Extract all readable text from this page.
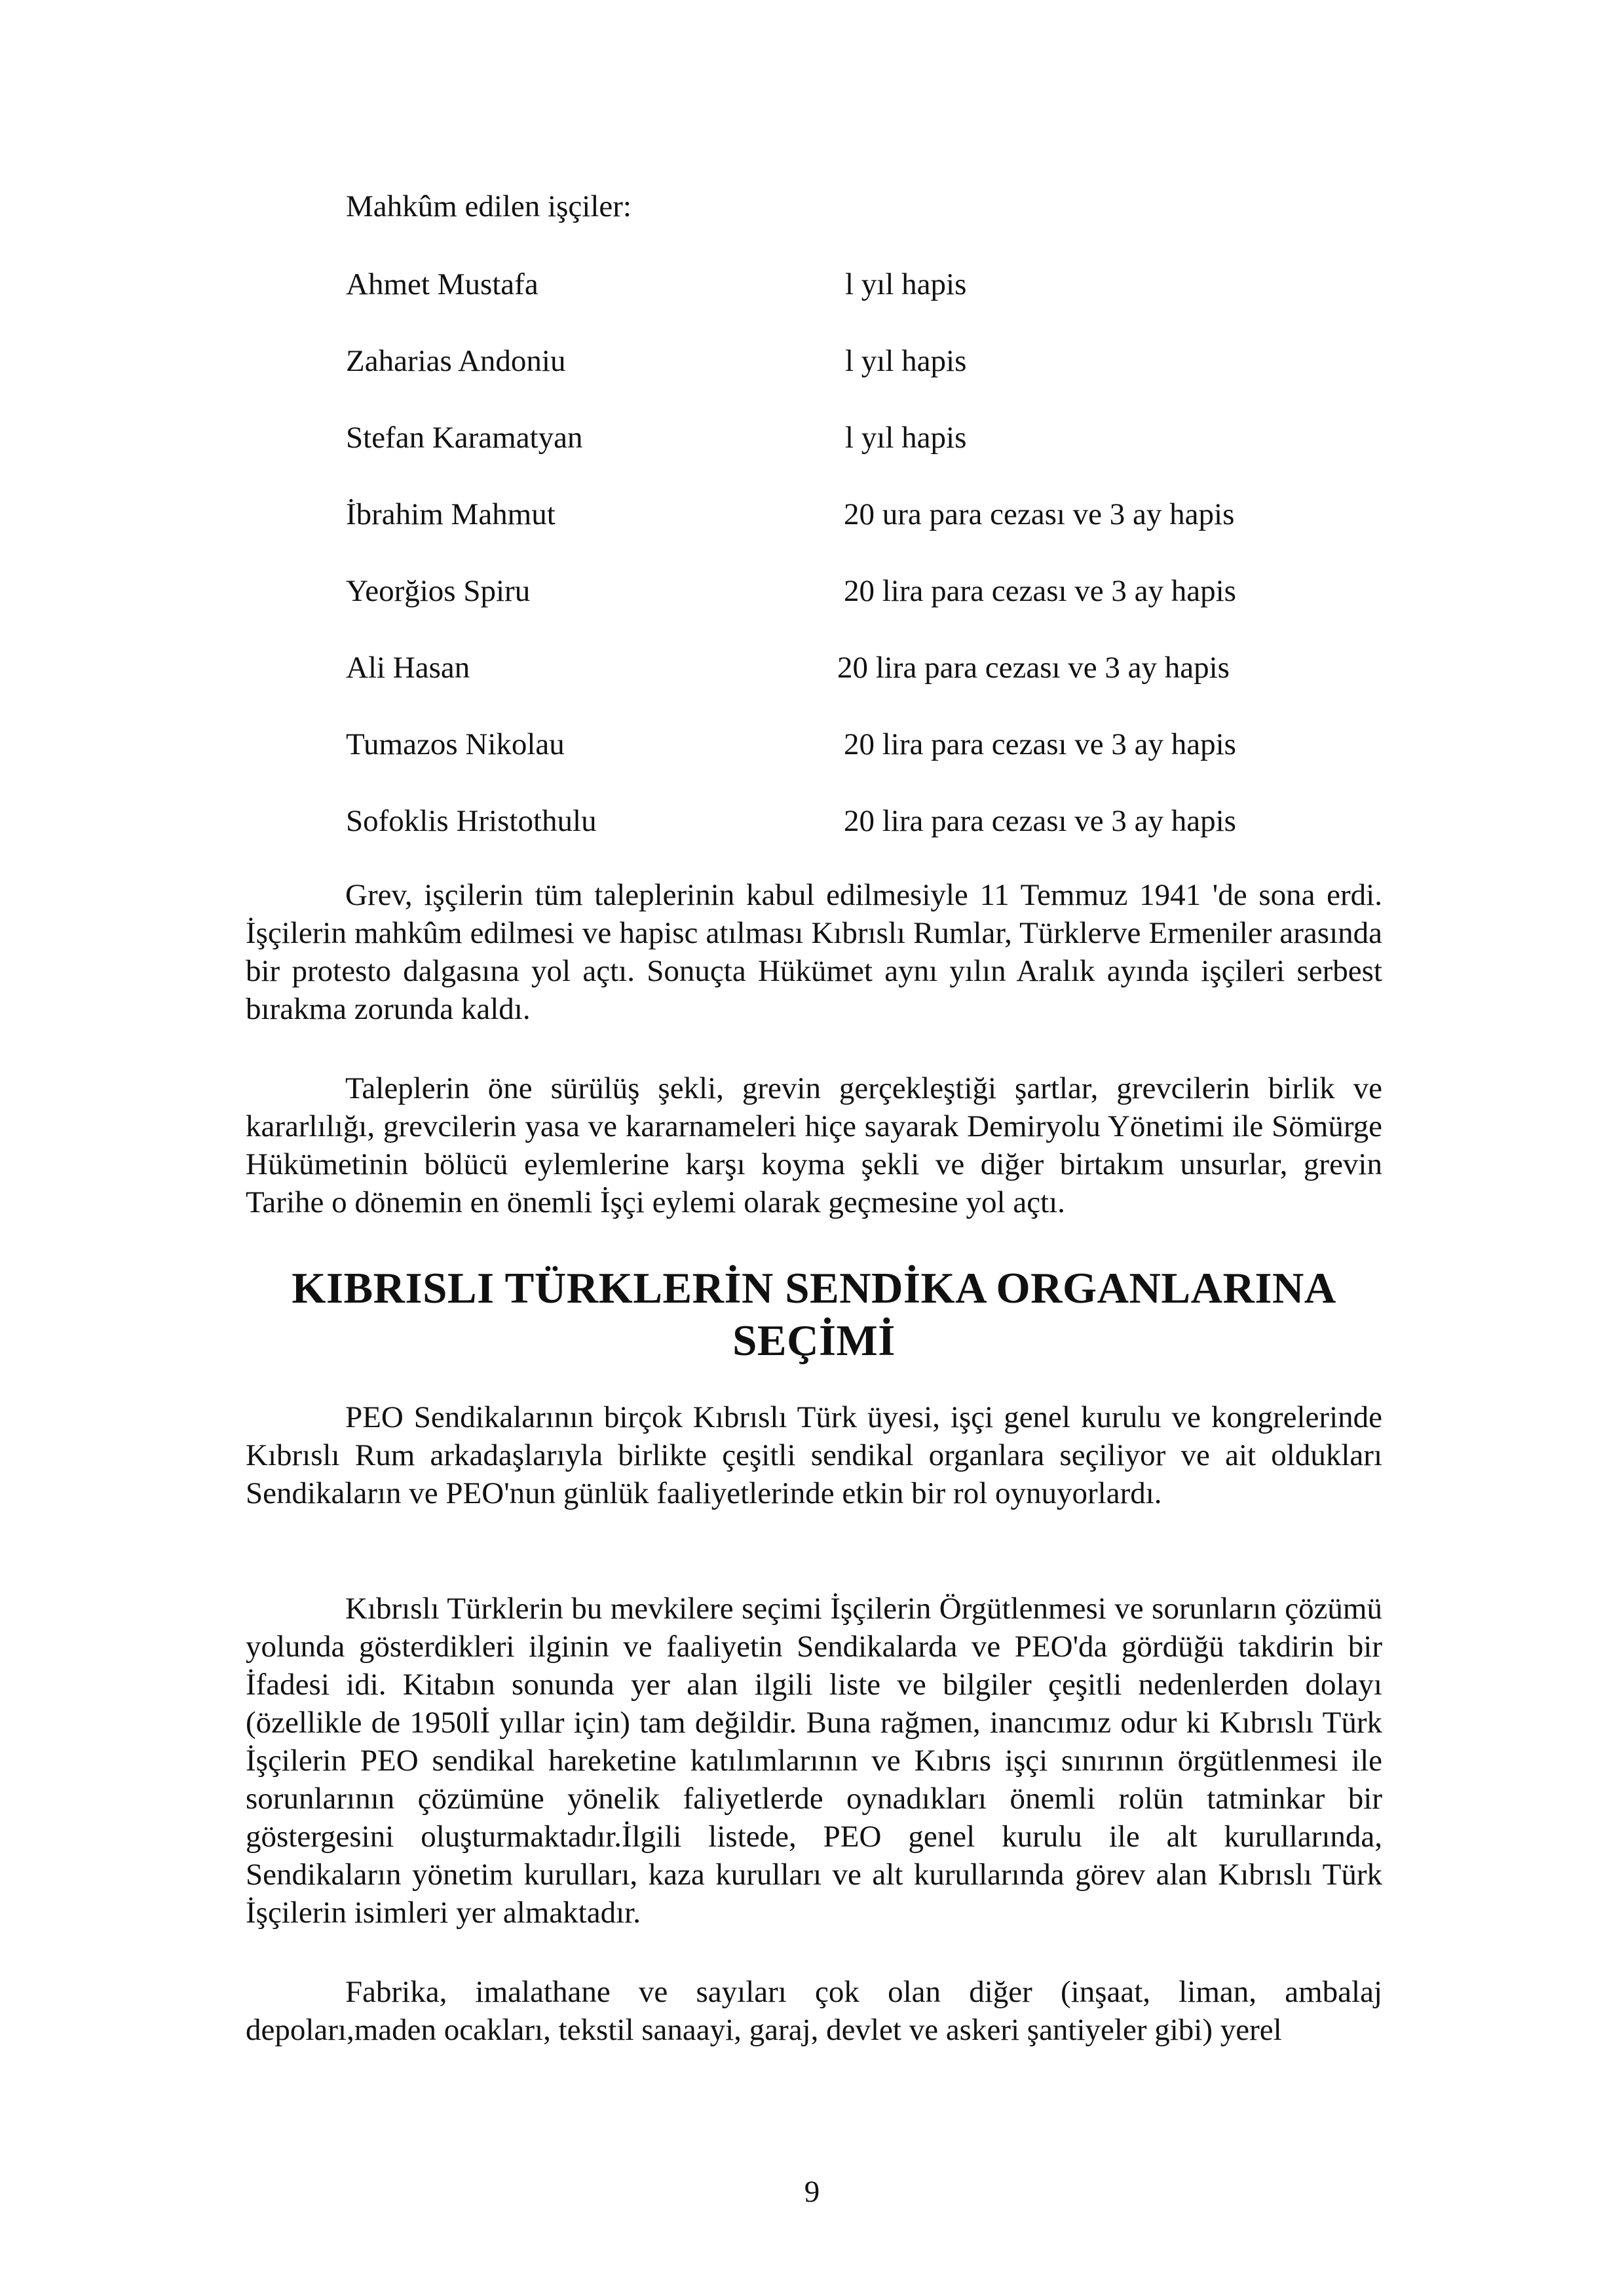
Mahkûm edilen işçiler:

Ahmet Mustafa	l yıl hapis
Zaharias Andoniu	l yıl hapis
Stefan Karamatyan	l yıl hapis
İbrahim Mahmut	20 ura para cezası ve 3 ay hapis
Yeorğios Spiru	20 lira para cezası ve 3 ay hapis
Ali Hasan	20 lira para cezası ve 3 ay hapis
Tumazos Nikolau	20 lira para cezası ve 3 ay hapis
Sofoklis Hristothulu	20 lira para cezası ve 3 ay hapis

Grev, işçilerin tüm taleplerinin kabul edilmesiyle 11 Temmuz 1941 'de sona erdi. İşçilerin mahkûm edilmesi ve hapisc atılması Kıbrıslı Rumlar, Türklerve Ermeniler arasında bir protesto dalgasına yol açtı. Sonuçta Hükümet aynı yılın Aralık ayında işçileri serbest bırakma zorunda kaldı.

Taleplerin öne sürülüş şekli, grevin gerçekleştiği şartlar, grevcilerin birlik ve kararlılığı, grevcilerin yasa ve kararnameleri hiçe sayarak Demiryolu Yönetimi ile Sömürge Hükümetinin bölücü eylemlerine karşı koyma şekli ve diğer birtakım unsurlar, grevin Tarihe o dönemin en önemli İşçi eylemi olarak geçmesine yol açtı.

KIBRISLI TÜRKLERİN SENDİKA ORGANLARINA
SEÇİMİ

PEO Sendikalarının birçok Kıbrıslı Türk üyesi, işçi genel kurulu ve kongrelerinde Kıbrıslı Rum arkadaşlarıyla birlikte çeşitli sendikal organlara seçiliyor ve ait oldukları Sendikaların ve PEO'nun günlük faaliyetlerinde etkin bir rol oynuyorlardı.

Kıbrıslı Türklerin bu mevkilere seçimi İşçilerin Örgütlenmesi ve sorunların çözümü yolunda gösterdikleri ilginin ve faaliyetin Sendikalarda ve PEO'da gördüğü takdirin bir İfadesi idi. Kitabın sonunda yer alan ilgili liste ve bilgiler çeşitli nedenlerden dolayı (özellikle de 1950lİ yıllar için) tam değildir. Buna rağmen, inancımız odur ki Kıbrıslı Türk İşçilerin PEO sendikal hareketine katılımlarının ve Kıbrıs işçi sınırının örgütlenmesi ile sorunlarının çözümüne yönelik faliyetlerde oynadıkları önemli rolün tatminkar bir göstergesini oluşturmaktadır.İlgili listede, PEO genel kurulu ile alt kurullarında, Sendikaların yönetim kurulları, kaza kurulları ve alt kurullarında görev alan Kıbrıslı Türk İşçilerin isimleri yer almaktadır.

Fabrika, imalathane ve sayıları çok olan diğer (inşaat, liman, ambalaj depoları,maden ocakları, tekstil sanaayi, garaj, devlet ve askeri şantiyeler gibi) yerel

9
